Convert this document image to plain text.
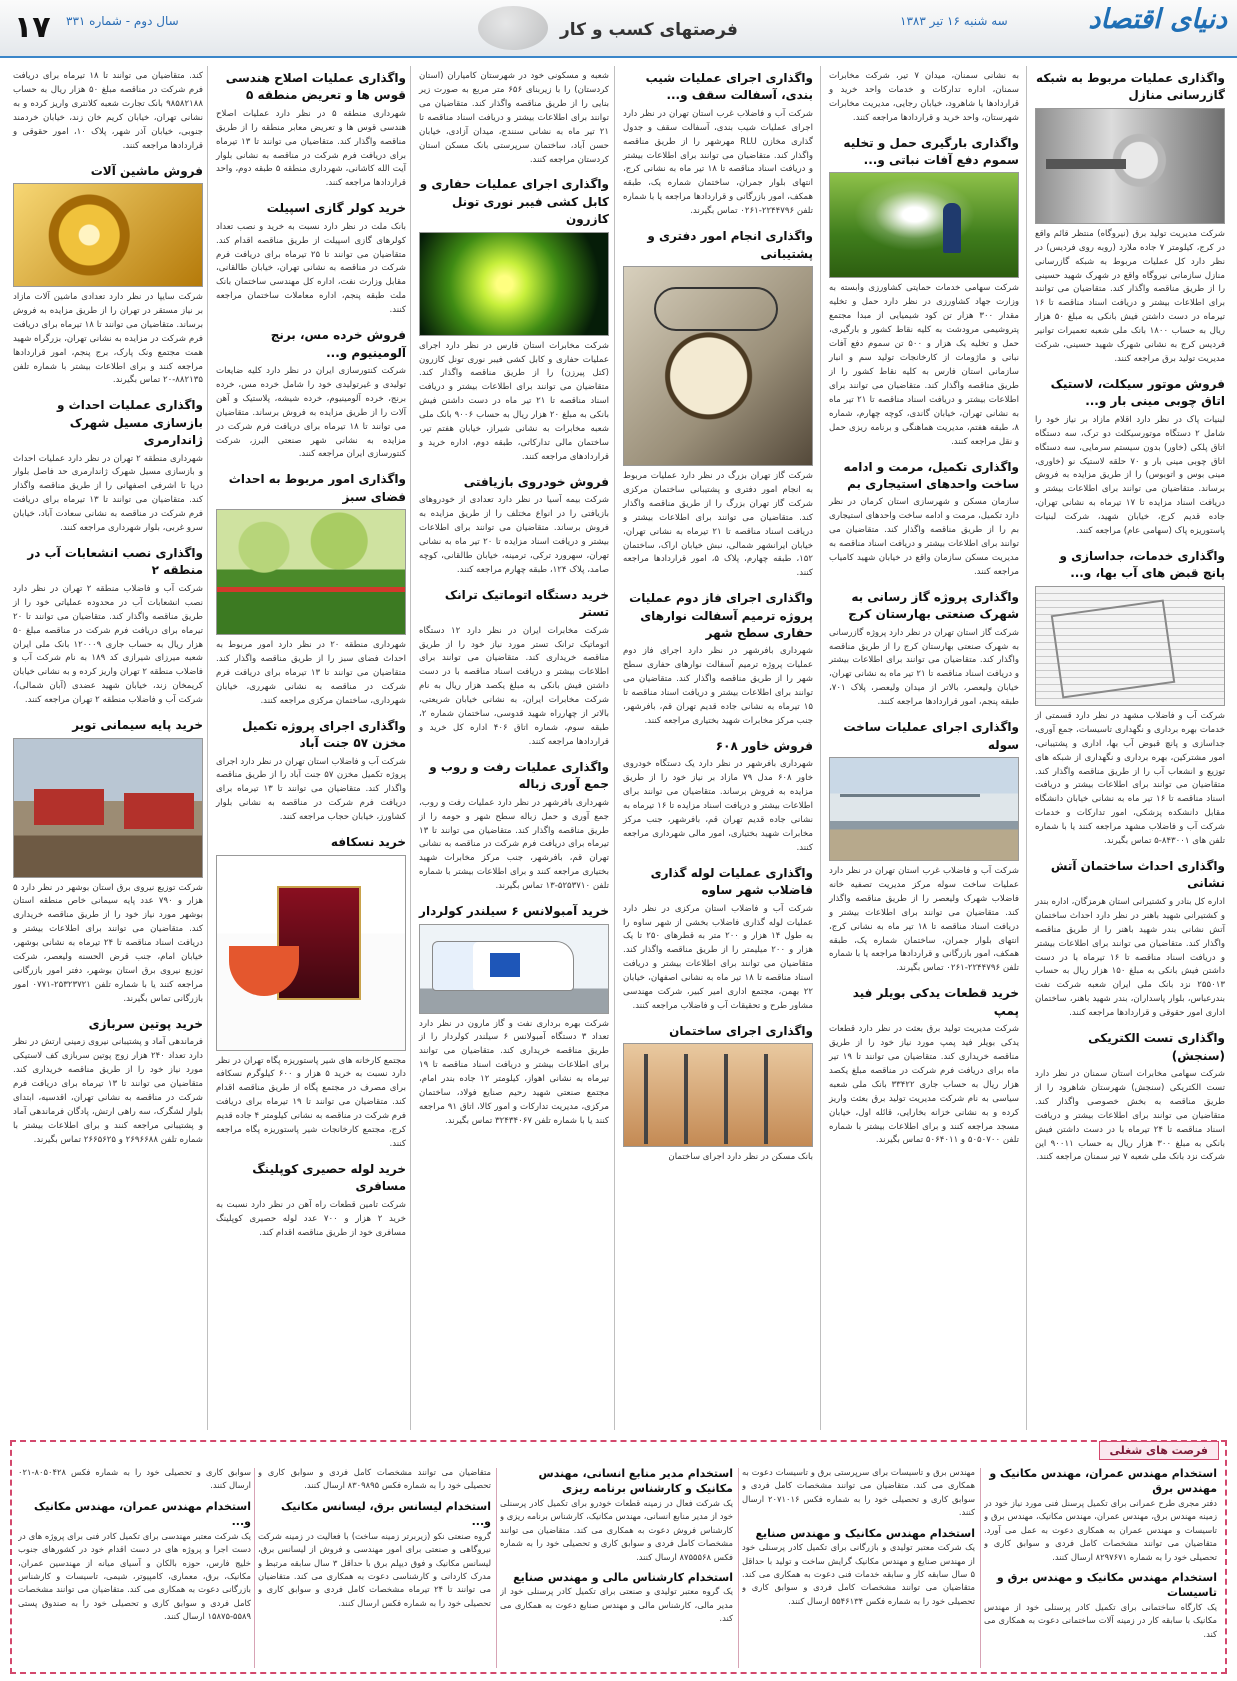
دنیای اقتصاد
سه شنبه ۱۶ تیر ۱۳۸۳
فرصتهای کسب و کار
سال دوم - شماره ۳۳۱
۱۷
واگذاری عملیات مربوط به شبکه گازرسانی منازل

شرکت مدیریت تولید برق (نیروگاه) منتظر قائم واقع در کرج، کیلومتر ۷ جاده ملارد (روبه روی فردیس) در نظر دارد کل عملیات مربوط به شبکه گازرسانی منازل سازمانی نیروگاه واقع در شهرک شهید حسینی را از طریق مناقصه واگذار کند. متقاضیان می توانند برای اطلاعات بیشتر و دریافت اسناد مناقصه تا ۱۶ تیرماه در دست داشتن فیش بانکی به مبلغ ۵۰ هزار ریال به حساب ۱۸۰۰ بانک ملی شعبه تعمیرات توانیر فردیس کرج به نشانی شهرک شهید حسینی، شرکت مدیریت تولید برق مراجعه کنند.

فروش موتور سیکلت، لاستیک اتاق چوبی مینی بار و...

لبنیات پاک در نظر دارد اقلام مازاد بر نیاز خود را شامل ۲ دستگاه موتورسیکلت دو ترک، سه دستگاه اتاق پلکی (خاور) بدون سیستم سرمایی، سه دستگاه اتاق چوبی مینی بار و ۷۰ حلقه لاستیک نو (خاوری، مینی بوس و اتوبوس) را از طریق مزایده به فروش برساند. متقاضیان می توانند برای اطلاعات بیشتر و دریافت اسناد مزایده تا ۱۷ تیرماه به نشانی تهران، جاده قدیم کرج، خیابان شهید، شرکت لبنیات پاستوریزه پاک (سهامی عام) مراجعه کنند.

واگذاری خدمات، جداسازی و پانچ قبض های آب بها، و...

شرکت آب و فاضلاب مشهد در نظر دارد قسمتی از خدمات بهره برداری و نگهداری تاسیسات، جمع آوری، جداسازی و پانچ قبوض آب بها، اداری و پشتیبانی، امور مشترکین، بهره برداری و نگهداری از شبکه های توزیع و انشعاب آب را از طریق مناقصه واگذار کند. متقاضیان می توانند برای اطلاعات بیشتر و دریافت اسناد مناقصه تا ۱۶ تیر ماه به نشانی خیابان دانشگاه مقابل دانشکده پزشکی، امور تدارکات و خدمات شرکت آب و فاضلاب مشهد مراجعه کنند یا با شماره تلفن های ۸۴۳۰۰۱-۵ تماس بگیرند.

واگذاری احداث ساختمان آتش نشانی

اداره کل بنادر و کشتیرانی استان هرمزگان، اداره بندر و کشتیرانی شهید باهنر در نظر دارد احداث ساختمان آتش نشانی بندر شهید باهنر را از طریق مناقصه واگذار کند. متقاضیان می توانند برای اطلاعات بیشتر و دریافت اسناد مناقصه تا ۱۶ تیرماه با در دست داشتن فیش بانکی به مبلغ ۱۵۰ هزار ریال به حساب ۲۵۵۰۱۳ نزد بانک ملی ایران شعبه شرکت نفت بندرعباس، بلوار پاسداران، بندر شهید باهنر، ساختمان اداری امور حقوقی و قراردادها مراجعه کنند.

واگذاری تست الکتریکی (سنجش)

شرکت سهامی مخابرات استان سمنان در نظر دارد تست الکتریکی (سنجش) شهرستان شاهرود را از طریق مناقصه به بخش خصوصی واگذار کند. متقاضیان می توانند برای اطلاعات بیشتر و دریافت اسناد مناقصه تا ۲۴ تیرماه با در دست داشتن فیش بانکی به مبلغ ۳۰۰ هزار ریال به حساب ۹۰۰۱۱ این شرکت نزد بانک ملی شعبه ۷ تیر سمنان مراجعه کنند.

به نشانی سمنان، میدان ۷ تیر، شرکت مخابرات سمنان، اداره تدارکات و خدمات واحد خرید و قراردادها یا شاهرود، خیابان رجایی، مدیریت مخابرات شهرستان، واحد خرید و قراردادها مراجعه کنند.

واگذاری بارگیری حمل و تخلیه سموم دفع آفات نباتی و...

شرکت سهامی خدمات حمایتی کشاورزی وابسته به وزارت جهاد کشاورزی در نظر دارد حمل و تخلیه مقدار ۳۰۰ هزار تن کود شیمیایی از مبدا مجتمع پتروشیمی مرودشت به کلیه نقاط کشور و بارگیری، حمل و تخلیه یک هزار و ۵۰۰ تن سموم دفع آفات نباتی و ماژومات از کارخانجات تولید سم و انبار سازمانی استان فارس به کلیه نقاط کشور را از طریق مناقصه واگذار کند. متقاضیان می توانند برای اطلاعات بیشتر و دریافت اسناد مناقصه تا ۲۱ تیر ماه به نشانی تهران، خیابان گاندی، کوچه چهارم، شماره ۸، طبقه هفتم، مدیریت هماهنگی و برنامه ریزی حمل و نقل مراجعه کنند.

واگذاری تکمیل، مرمت و ادامه ساخت واحدهای استیجاری بم

سازمان مسکن و شهرسازی استان کرمان در نظر دارد تکمیل، مرمت و ادامه ساخت واحدهای استیجاری بم را از طریق مناقصه واگذار کند. متقاضیان می توانند برای اطلاعات بیشتر و دریافت اسناد مناقصه به مدیریت مسکن سازمان واقع در خیابان شهید کامیاب مراجعه کنند.

واگذاری پروژه گاز رسانی به شهرک صنعتی بهارستان کرج

شرکت گاز استان تهران در نظر دارد پروژه گازرسانی به شهرک صنعتی بهارستان کرج را از طریق مناقصه واگذار کند. متقاضیان می توانند برای اطلاعات بیشتر و دریافت اسناد مناقصه تا ۲۱ تیر ماه به نشانی تهران، خیابان ولیعصر، بالاتر از میدان ولیعصر، پلاک ۷۰۱، طبقه پنجم، امور قراردادها مراجعه کنند.

واگذاری اجرای عملیات ساخت سوله

شرکت آب و فاضلاب غرب استان تهران در نظر دارد عملیات ساخت سوله مرکز مدیریت تصفیه خانه فاضلاب شهرک ولیعصر را از طریق مناقصه واگذار کند. متقاضیان می توانند برای اطلاعات بیشتر و دریافت اسناد مناقصه تا ۱۸ تیر ماه به نشانی کرج، انتهای بلوار جمران، ساختمان شماره یک، طبقه همکف، امور بازرگانی و قراردادها مراجعه یا با شماره تلفن ۲۲۴۴۷۹۶-۰۲۶۱ تماس بگیرند.

خرید قطعات یدکی بویلر فید پمپ

شرکت مدیریت تولید برق بعثت در نظر دارد قطعات یدکی بویلر فید پمپ مورد نیاز خود را از طریق مناقصه خریداری کند. متقاضیان می توانند تا ۱۹ تیر ماه برای دریافت فرم شرکت در مناقصه مبلغ یکصد هزار ریال به حساب جاری ۳۳۴۲۲ بانک ملی شعبه سیاسی به نام شرکت مدیریت تولید برق بعثت واریز کرده و به نشانی خزانه بخارایی، قائله اول، خیابان مسجد مراجعه کنند و برای اطلاعات بیشتر با شماره تلفن ۵۰۵۰۷۰۰ و ۵۰۶۴۰۱۱ تماس بگیرند.

واگذاری اجرای عملیات شیب بندی، آسفالت سقف و...

شرکت آب و فاضلاب غرب استان تهران در نظر دارد اجرای عملیات شیب بندی، آسفالت سقف و جدول گذاری مخازن RLU مهرشهر را از طریق مناقصه واگذار کند. متقاضیان می توانند برای اطلاعات بیشتر و دریافت اسناد مناقصه تا ۱۸ تیر ماه به نشانی کرج، انتهای بلوار جمران، ساختمان شماره یک، طبقه همکف، امور بازرگانی و قراردادها مراجعه یا با شماره تلفن ۲۲۴۴۷۹۶-۰۲۶۱ تماس بگیرند.

واگذاری انجام امور دفتری و پشتیبانی

شرکت گاز تهران بزرگ در نظر دارد عملیات مربوط به انجام امور دفتری و پشتیبانی ساختمان مرکزی شرکت گاز تهران بزرگ را از طریق مناقصه واگذار کند. متقاضیان می توانند برای اطلاعات بیشتر و دریافت اسناد مناقصه تا ۲۱ تیرماه به نشانی تهران، خیابان ایرانشهر شمالی، نبش خیابان اراک، ساختمان ۱۵۲، طبقه چهارم، پلاک ۵، امور قراردادها مراجعه کنند.

واگذاری اجرای فاز دوم عملیات پروژه ترمیم آسفالت نوارهای حفاری سطح شهر

شهرداری بافرشهر در نظر دارد اجرای فاز دوم عملیات پروژه ترمیم آسفالت نوارهای حفاری سطح شهر را از طریق مناقصه واگذار کند. متقاضیان می توانند برای اطلاعات بیشتر و دریافت اسناد مناقصه تا ۱۵ تیرماه به نشانی جاده قدیم تهران قم، بافرشهر، جنب مرکز مخابرات شهید بختیاری مراجعه کنند.

فروش خاور ۶۰۸

شهرداری بافرشهر در نظر دارد یک دستگاه خودروی خاور ۶۰۸ مدل ۷۹ مازاد بر نیاز خود را از طریق مزایده به فروش برساند. متقاضیان می توانند برای اطلاعات بیشتر و دریافت اسناد مزایده تا ۱۶ تیرماه به نشانی جاده قدیم تهران قم، بافرشهر، جنب مرکز مخابرات شهید بختیاری، امور مالی شهرداری مراجعه کنند.

واگذاری عملیات لوله گذاری فاضلاب شهر ساوه

شرکت آب و فاضلاب استان مرکزی در نظر دارد عملیات لوله گذاری فاضلاب بخشی از شهر ساوه را به طول ۱۴ هزار و ۲۰۰ متر به قطرهای ۲۵۰ تا یک هزار و ۲۰۰ میلیمتر را از طریق مناقصه واگذار کند. متقاضیان می توانند برای اطلاعات بیشتر و دریافت اسناد مناقصه تا ۱۸ تیر ماه به نشانی اصفهان، خیابان ۲۲ بهمن، مجتمع اداری امیر کبیر، شرکت مهندسی مشاور طرح و تحقیقات آب و فاضلاب مراجعه کنند.

واگذاری اجرای ساختمان

بانک مسکن در نظر دارد اجرای ساختمان

شعبه و مسکونی خود در شهرستان کامیاران (استان کردستان) را با زیربنای ۶۵۶ متر مربع به صورت زیر بنایی را از طریق مناقصه واگذار کند. متقاضیان می توانند برای اطلاعات بیشتر و دریافت اسناد مناقصه تا ۲۱ تیر ماه به نشانی سنندج، میدان آزادی، خیابان حسن آباد، ساختمان سرپرستی بانک مسکن استان کردستان مراجعه کنند.

واگذاری اجرای عملیات حفاری و کابل کشی فیبر نوری تونل کازرون

شرکت مخابرات استان فارس در نظر دارد اجرای عملیات حفاری و کابل کشی فیبر نوری تونل کازرون (کتل پیرزن) را از طریق مناقصه واگذار کند. متقاضیان می توانند برای اطلاعات بیشتر و دریافت اسناد مناقصه تا ۲۱ تیر ماه در دست داشتن فیش بانکی به مبلغ ۲۰ هزار ریال به حساب ۹۰۰۶ بانک ملی شعبه مخابرات به نشانی شیراز، خیابان هفتم تیر، ساختمان مالی تدارکاتی، طبقه دوم، اداره خرید و قراردادهای مراجعه کنند.

فروش خودروی بازیافتی

شرکت بیمه آسیا در نظر دارد تعدادی از خودروهای بازیافتی را در انواع مختلف را از طریق مزایده به فروش برساند. متقاضیان می توانند برای اطلاعات بیشتر و دریافت اسناد مزایده تا ۲۰ تیر ماه به نشانی تهران، سهرورد ترکی، ترمینه، خیابان طالقانی، کوچه صامد، پلاک ۱۲۴، طبقه چهارم مراجعه کنند.

خرید دستگاه اتوماتیک ترانک تستر

شرکت مخابرات ایران در نظر دارد ۱۲ دستگاه اتوماتیک ترانک تستر مورد نیاز خود را از طریق مناقصه خریداری کند. متقاضیان می توانند برای اطلاعات بیشتر و دریافت اسناد مناقصه با در دست داشتن فیش بانکی به مبلغ یکصد هزار ریال به نام شرکت مخابرات ایران، به نشانی خیابان شریعتی، بالاتر از چهارراه شهید قدوسی، ساختمان شماره ۲، طبقه سوم، شماره اتاق ۴۰۶ اداره کل خرید و قراردادها مراجعه کنند.

واگذاری عملیات رفت و روب و جمع آوری زباله

شهرداری بافرشهر در نظر دارد عملیات رفت و روب، جمع آوری و حمل زباله سطح شهر و حومه را از طریق مناقصه واگذار کند. متقاضیان می توانند تا ۱۳ تیرماه برای دریافت فرم شرکت در مناقصه به نشانی تهران قم، بافرشهر، جنب مرکز مخابرات شهید بختیاری مراجعه کنند و برای اطلاعات بیشتر با شماره تلفن ۵۲۵۳۷۱۰-۱۳ تماس بگیرند.

خرید آمبولانس ۶ سیلندر کولردار

شرکت بهره برداری نفت و گاز مارون در نظر دارد تعداد ۳ دستگاه آمبولانس ۶ سیلندر کولردار را از طریق مناقصه خریداری کند. متقاضیان می توانند برای اطلاعات بیشتر و دریافت اسناد مناقصه تا ۱۹ تیرماه به نشانی اهواز، کیلومتر ۱۲ جاده بندر امام، مجتمع صنعتی شهید رحیم صنایع فولاد، ساختمان مرکزی، مدیریت تدارکات و امور کالا، اتاق ۹۱ مراجعه کنند یا با شماره تلفن ۳۲۴۳۴۰۶۷ تماس بگیرند.

واگذاری عملیات اصلاح هندسی قوس ها و تعریض منطقه ۵

شهرداری منطقه ۵ در نظر دارد عملیات اصلاح هندسی قوس ها و تعریض معابر منطقه را از طریق مناقصه واگذار کند. متقاضیان می توانند تا ۱۳ تیرماه برای دریافت فرم شرکت در مناقصه به نشانی بلوار آیت الله کاشانی، شهرداری منطقه ۵ طبقه دوم، واحد قراردادها مراجعه کنند.

خرید کولر گازی اسپیلت

بانک ملت در نظر دارد نسبت به خرید و نصب تعداد کولرهای گازی اسپیلت از طریق مناقصه اقدام کند. متقاضیان می توانند تا ۲۵ تیرماه برای دریافت فرم شرکت در مناقصه به نشانی تهران، خیابان طالقانی، مقابل وزارت نفت، اداره کل مهندسی ساختمان بانک ملت طبقه پنجم، اداره معاملات ساختمان مراجعه کنند.

فروش خرده مس، برنج آلومینیوم و...

شرکت کنتورسازی ایران در نظر دارد کلیه ضایعات تولیدی و غیرتولیدی خود را شامل خرده مس، خرده برنج، خرده آلومینیوم، خرده شیشه، پلاستیک و آهن آلات را از طریق مزایده به فروش برساند. متقاضیان می توانند تا ۱۸ تیرماه برای دریافت فرم شرکت در مزایده به نشانی شهر صنعتی البرز، شرکت کنتورسازی ایران مراجعه کنند.

واگذاری امور مربوط به احداث فضای سبز

شهرداری منطقه ۲۰ در نظر دارد امور مربوط به احداث فضای سبز را از طریق مناقصه واگذار کند. متقاضیان می توانند تا ۱۳ تیرماه برای دریافت فرم شرکت در مناقصه به نشانی شهرری، خیابان شهرداری، ساختمان مرکزی مراجعه کنند.

واگذاری اجرای پروژه تکمیل مخزن ۵۷ جنت آباد

شرکت آب و فاضلاب استان تهران در نظر دارد اجرای پروژه تکمیل مخزن ۵۷ جنت آباد را از طریق مناقصه واگذار کند. متقاضیان می توانند تا ۱۳ تیرماه برای دریافت فرم شرکت در مناقصه به نشانی بلوار کشاورز، خیابان حجاب مراجعه کنند.

خرید نسکافه

مجتمع کارخانه های شیر پاستوریزه پگاه تهران در نظر دارد نسبت به خرید ۵ هزار و ۶۰۰ کیلوگرم نسکافه برای مصرف در مجتمع پگاه از طریق مناقصه اقدام کند. متقاضیان می توانند تا ۱۹ تیرماه برای دریافت فرم شرکت در مناقصه به نشانی کیلومتر ۴ جاده قدیم کرج، مجتمع کارخانجات شیر پاستوریزه پگاه مراجعه کنند.

خرید لوله حصیری کوپلینگ مسافری

شرکت تامین قطعات راه آهن در نظر دارد نسبت به خرید ۲ هزار و ۷۰۰ عدد لوله حصیری کوپلینگ مسافری خود از طریق مناقصه اقدام کند.

کند. متقاضیان می توانند تا ۱۸ تیرماه برای دریافت فرم شرکت در مناقصه مبلغ ۵۰ هزار ریال به حساب ۹۸۵۸۲۱۸۸ بانک تجارت شعبه کلانتری واریز کرده و به نشانی تهران، خیابان کریم خان زند، خیابان خردمند جنوبی، خیابان آذر شهر، پلاک ۱۰، امور حقوقی و قراردادها مراجعه کنند.

فروش ماشین آلات

شرکت سایپا در نظر دارد تعدادی ماشین آلات مازاد بر نیاز مستقر در تهران را از طریق مزایده به فروش برساند. متقاضیان می توانند تا ۱۸ تیرماه برای دریافت فرم شرکت در مزایده به نشانی تهران، بزرگراه شهید همت مجتمع ونک پارک، برج پنجم، امور قراردادها مراجعه کنند و برای اطلاعات بیشتر با شماره تلفن ۸۸۲۱۳۵-۲۰ تماس بگیرند.

واگذاری عملیات احداث و بازسازی مسیل شهرک ژاندارمری

شهرداری منطقه ۲ تهران در نظر دارد عملیات احداث و بازسازی مسیل شهرک ژاندارمری حد فاصل بلوار دریا تا اشرفی اصفهانی را از طریق مناقصه واگذار کند. متقاضیان می توانند تا ۱۳ تیرماه برای دریافت فرم شرکت در مناقصه به نشانی سعادت آباد، خیابان سرو غربی، بلوار شهرداری مراجعه کنند.

واگذاری نصب انشعابات آب در منطقه ۲

شرکت آب و فاضلاب منطقه ۲ تهران در نظر دارد نصب انشعابات آب در محدوده عملیاتی خود را از طریق مناقصه واگذار کند. متقاضیان می توانند تا ۲۰ تیرماه برای دریافت فرم شرکت در مناقصه مبلغ ۵۰ هزار ریال به حساب جاری ۱۲۰۰۰۹ بانک ملی ایران شعبه میرزای شیرازی کد ۱۸۹ به نام شرکت آب و فاضلاب منطقه ۲ تهران واریز کرده و به نشانی خیابان کریمخان زند، خیابان شهید عضدی (آبان شمالی)، شرکت آب و فاضلاب منطقه ۲ تهران مراجعه کنند.

خرید پایه سیمانی تویر

شرکت توزیع نیروی برق استان بوشهر در نظر دارد ۵ هزار و ۷۹۰ عدد پایه سیمانی خاص منطقه استان بوشهر مورد نیاز خود را از طریق مناقصه خریداری کند. متقاضیان می توانند برای اطلاعات بیشتر و دریافت اسناد مناقصه تا ۲۴ تیرماه به نشانی بوشهر، خیابان امام، جنب قرض الحسنه ولیعصر، شرکت توزیع نیروی برق استان بوشهر، دفتر امور بازرگانی مراجعه کنند یا با شماره تلفن ۲۵۳۲۳۷۲۱-۰۷۷۱ امور بازرگانی تماس بگیرند.

خرید پوتین سربازی

فرماندهی آماد و پشتیبانی نیروی زمینی ارتش در نظر دارد تعداد ۲۴۰ هزار زوج پوتین سربازی کف لاستیکی مورد نیاز خود را از طریق مناقصه خریداری کند. متقاضیان می توانند تا ۱۳ تیرماه برای دریافت فرم شرکت در مناقصه به نشانی تهران، اقدسیه، ابتدای بلوار لشگرک، سه راهی ارتش، پادگان فرماندهی آماد و پشتیبانی مراجعه کنند و برای اطلاعات بیشتر با شماره تلفن ۲۶۹۶۶۸۸ و ۲۶۶۵۶۲۵ تماس بگیرند.

فرصت های شغلی
استخدام مهندس عمران، مهندس مکانیک و مهندس برق

دفتر مجری طرح عمرانی برای تکمیل پرسنل فنی مورد نیاز خود در زمینه مهندس برق، مهندس عمران، مهندس مکانیک، مهندس برق و تاسیسات و مهندس عمران به همکاری دعوت به عمل می آورد. متقاضیان می توانند مشخصات کامل فردی و سوابق کاری و تحصیلی خود را به شماره ۸۲۹۷۶۷۱ ارسال کنند.

استخدام مهندس مکانیک و مهندس برق و تاسیسات

یک کارگاه ساختمانی برای تکمیل کادر پرسنلی خود از مهندس مکانیک با سابقه کار در زمینه آلات ساختمانی دعوت به همکاری می کند.

مهندس برق و تاسیسات برای سرپرستی برق و تاسیسات دعوت به همکاری می کند. متقاضیان می توانند مشخصات کامل فردی و سوابق کاری و تحصیلی خود را به شماره فکس ۲۰۷۱۰۱۶ ارسال کنند.

استخدام مهندس مکانیک و مهندس صنایع

یک شرکت معتبر تولیدی و بازرگانی برای تکمیل کادر پرسنلی خود از مهندس صنایع و مهندس مکانیک گرایش ساخت و تولید با حداقل ۵ سال سابقه کار و سابقه خدمات فنی دعوت به همکاری می کند. متقاضیان می توانند مشخصات کامل فردی و سوابق کاری و تحصیلی خود را به شماره فکس ۵۵۴۶۱۳۴ ارسال کنند.

استخدام مدیر منابع انسانی، مهندس مکانیک و کارشناس برنامه ریزی

یک شرکت فعال در زمینه قطعات خودرو برای تکمیل کادر پرسنلی خود از مدیر منابع انسانی، مهندس مکانیک، کارشناس برنامه ریزی و کارشناس فروش دعوت به همکاری می کند. متقاضیان می توانند مشخصات کامل فردی و سوابق کاری و تحصیلی خود را به شماره فکس ۸۷۵۵۵۶۸ ارسال کنند.

استخدام کارشناس مالی و مهندس صنایع

یک گروه معتبر تولیدی و صنعتی برای تکمیل کادر پرسنلی خود از مدیر مالی، کارشناس مالی و مهندس صنایع دعوت به همکاری می کند.

متقاضیان می توانند مشخصات کامل فردی و سوابق کاری و تحصیلی خود را به شماره فکس ۸۳۰۹۸۹۵ ارسال کنند.

استخدام لیسانس برق، لیسانس مکانیک و...

گروه صنعتی نکو (زیربرتر زمینه ساخت) با فعالیت در زمینه شرکت نیروگاهی و صنعتی برای امور مهندسی و فروش از لیسانس برق، لیسانس مکانیک و فوق دیپلم برق با حداقل ۳ سال سابقه مرتبط و مدرک کاردانی و کارشناسی دعوت به همکاری می کند. متقاضیان می توانند تا ۲۴ تیرماه مشخصات کامل فردی و سوابق کاری و تحصیلی خود را به شماره فکس ارسال کنند.

سوابق کاری و تحصیلی خود را به شماره فکس ۸۰۵۰۴۲۸-۰۲۱ ارسال کنند.

استخدام مهندس عمران، مهندس مکانیک و...

یک شرکت معتبر مهندسی برای تکمیل کادر فنی برای پروژه های در دست اجرا و پروژه های در دست اقدام خود در کشورهای جنوب خلیج فارس، حوزه بالکان و آسیای میانه از مهندسین عمران، مکانیک، برق، معماری، کامپیوتر، شیمی، تاسیسات و کارشناس بازرگانی دعوت به همکاری می کند. متقاضیان می توانند مشخصات کامل فردی و سوابق کاری و تحصیلی خود را به صندوق پستی ۵۵۸۹-۱۵۸۷۵ ارسال کنند.
